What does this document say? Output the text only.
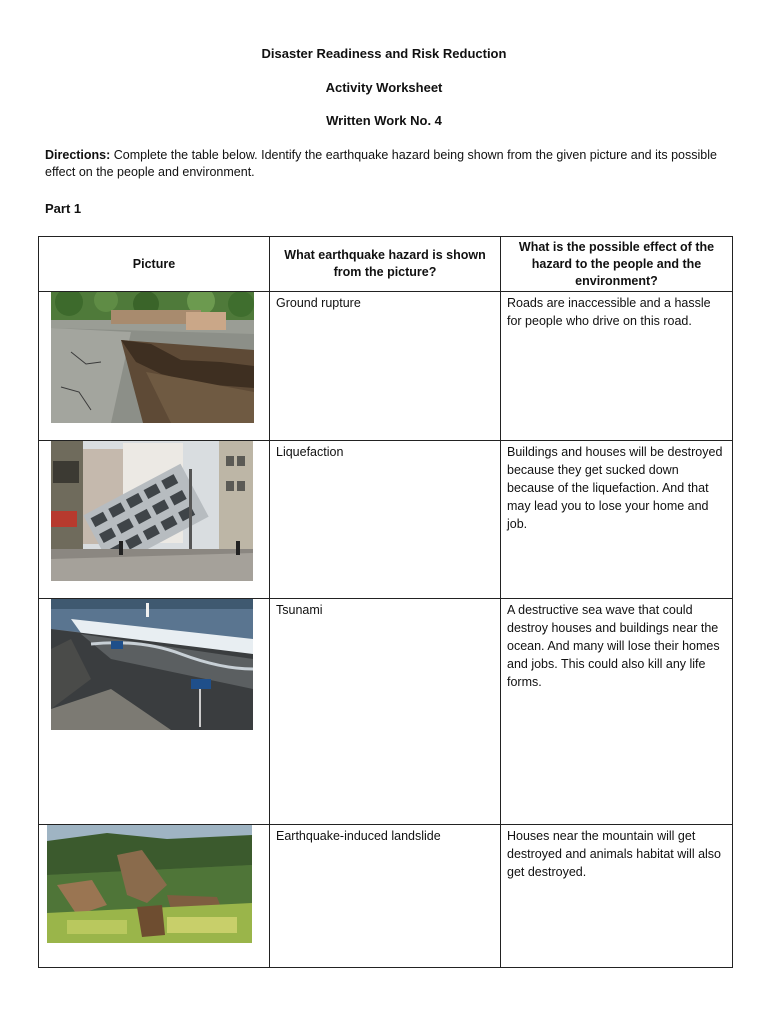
Disaster Readiness and Risk Reduction
Activity Worksheet
Written Work No. 4
Directions: Complete the table below. Identify the earthquake hazard being shown from the given picture and its possible effect on the people and environment.
Part 1
Picture	What earthquake hazard is shown from the picture?	What is the possible effect of the hazard to the people and the environment?

Ground rupture	Roads are inaccessible and a hassle for people who drive on this road.

Liquefaction	Buildings and houses will be destroyed because they get sucked down because of the liquefaction. And that may lead you to lose your home and job.

Tsunami	A destructive sea wave that could destroy houses and buildings near the ocean. And many will lose their homes and jobs. This could also kill any life forms.

Earthquake-induced landslide	Houses near the mountain will get destroyed and animals habitat will also get destroyed.
